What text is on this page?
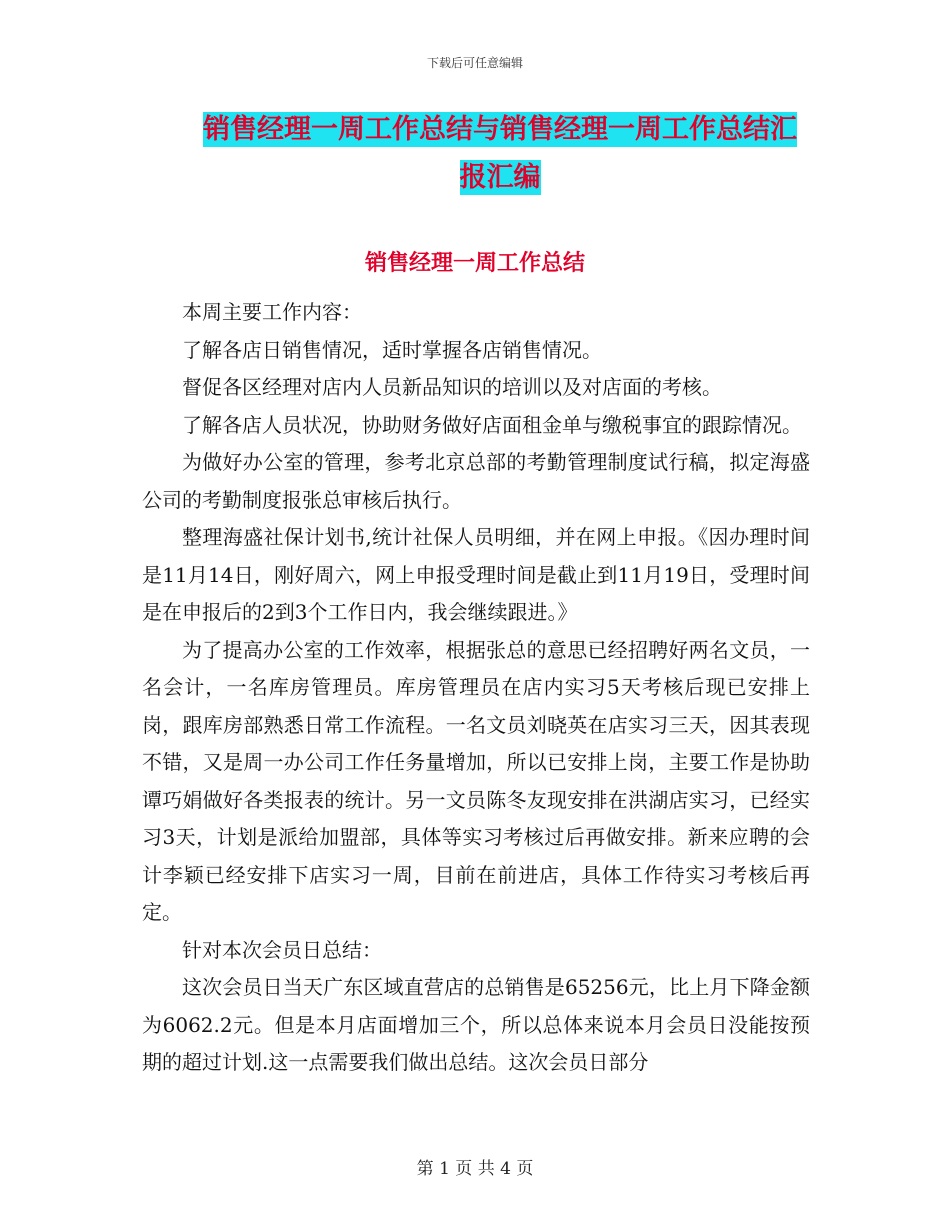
下载后可任意编辑
销售经理一周工作总结与销售经理一周工作总结汇报汇编
销售经理一周工作总结

本周主要工作内容：

了解各店日销售情况，适时掌握各店销售情况。

督促各区经理对店内人员新品知识的培训以及对店面的考核。

了解各店人员状况，协助财务做好店面租金单与缴税事宜的跟踪情况。

为做好办公室的管理，参考北京总部的考勤管理制度试行稿，拟定海盛公司的考勤制度报张总审核后执行。

整理海盛社保计划书,统计社保人员明细，并在网上申报。《因办理时间是11月14日，刚好周六，网上申报受理时间是截止到11月19日，受理时间是在申报后的2到3个工作日内，我会继续跟进。》

为了提高办公室的工作效率，根据张总的意思已经招聘好两名文员，一名会计，一名库房管理员。库房管理员在店内实习5天考核后现已安排上岗，跟库房部熟悉日常工作流程。一名文员刘晓英在店实习三天，因其表现不错，又是周一办公司工作任务量增加，所以已安排上岗，主要工作是协助谭巧娟做好各类报表的统计。另一文员陈冬友现安排在洪湖店实习，已经实习3天，计划是派给加盟部，具体等实习考核过后再做安排。新来应聘的会计李颖已经安排下店实习一周，目前在前进店，具体工作待实习考核后再定。

针对本次会员日总结：

这次会员日当天广东区域直营店的总销售是65256元，比上月下降金额为6062.2元。但是本月店面增加三个，所以总体来说本月会员日没能按预期的超过计划.这一点需要我们做出总结。这次会员日部分

第 1 页 共 4 页
